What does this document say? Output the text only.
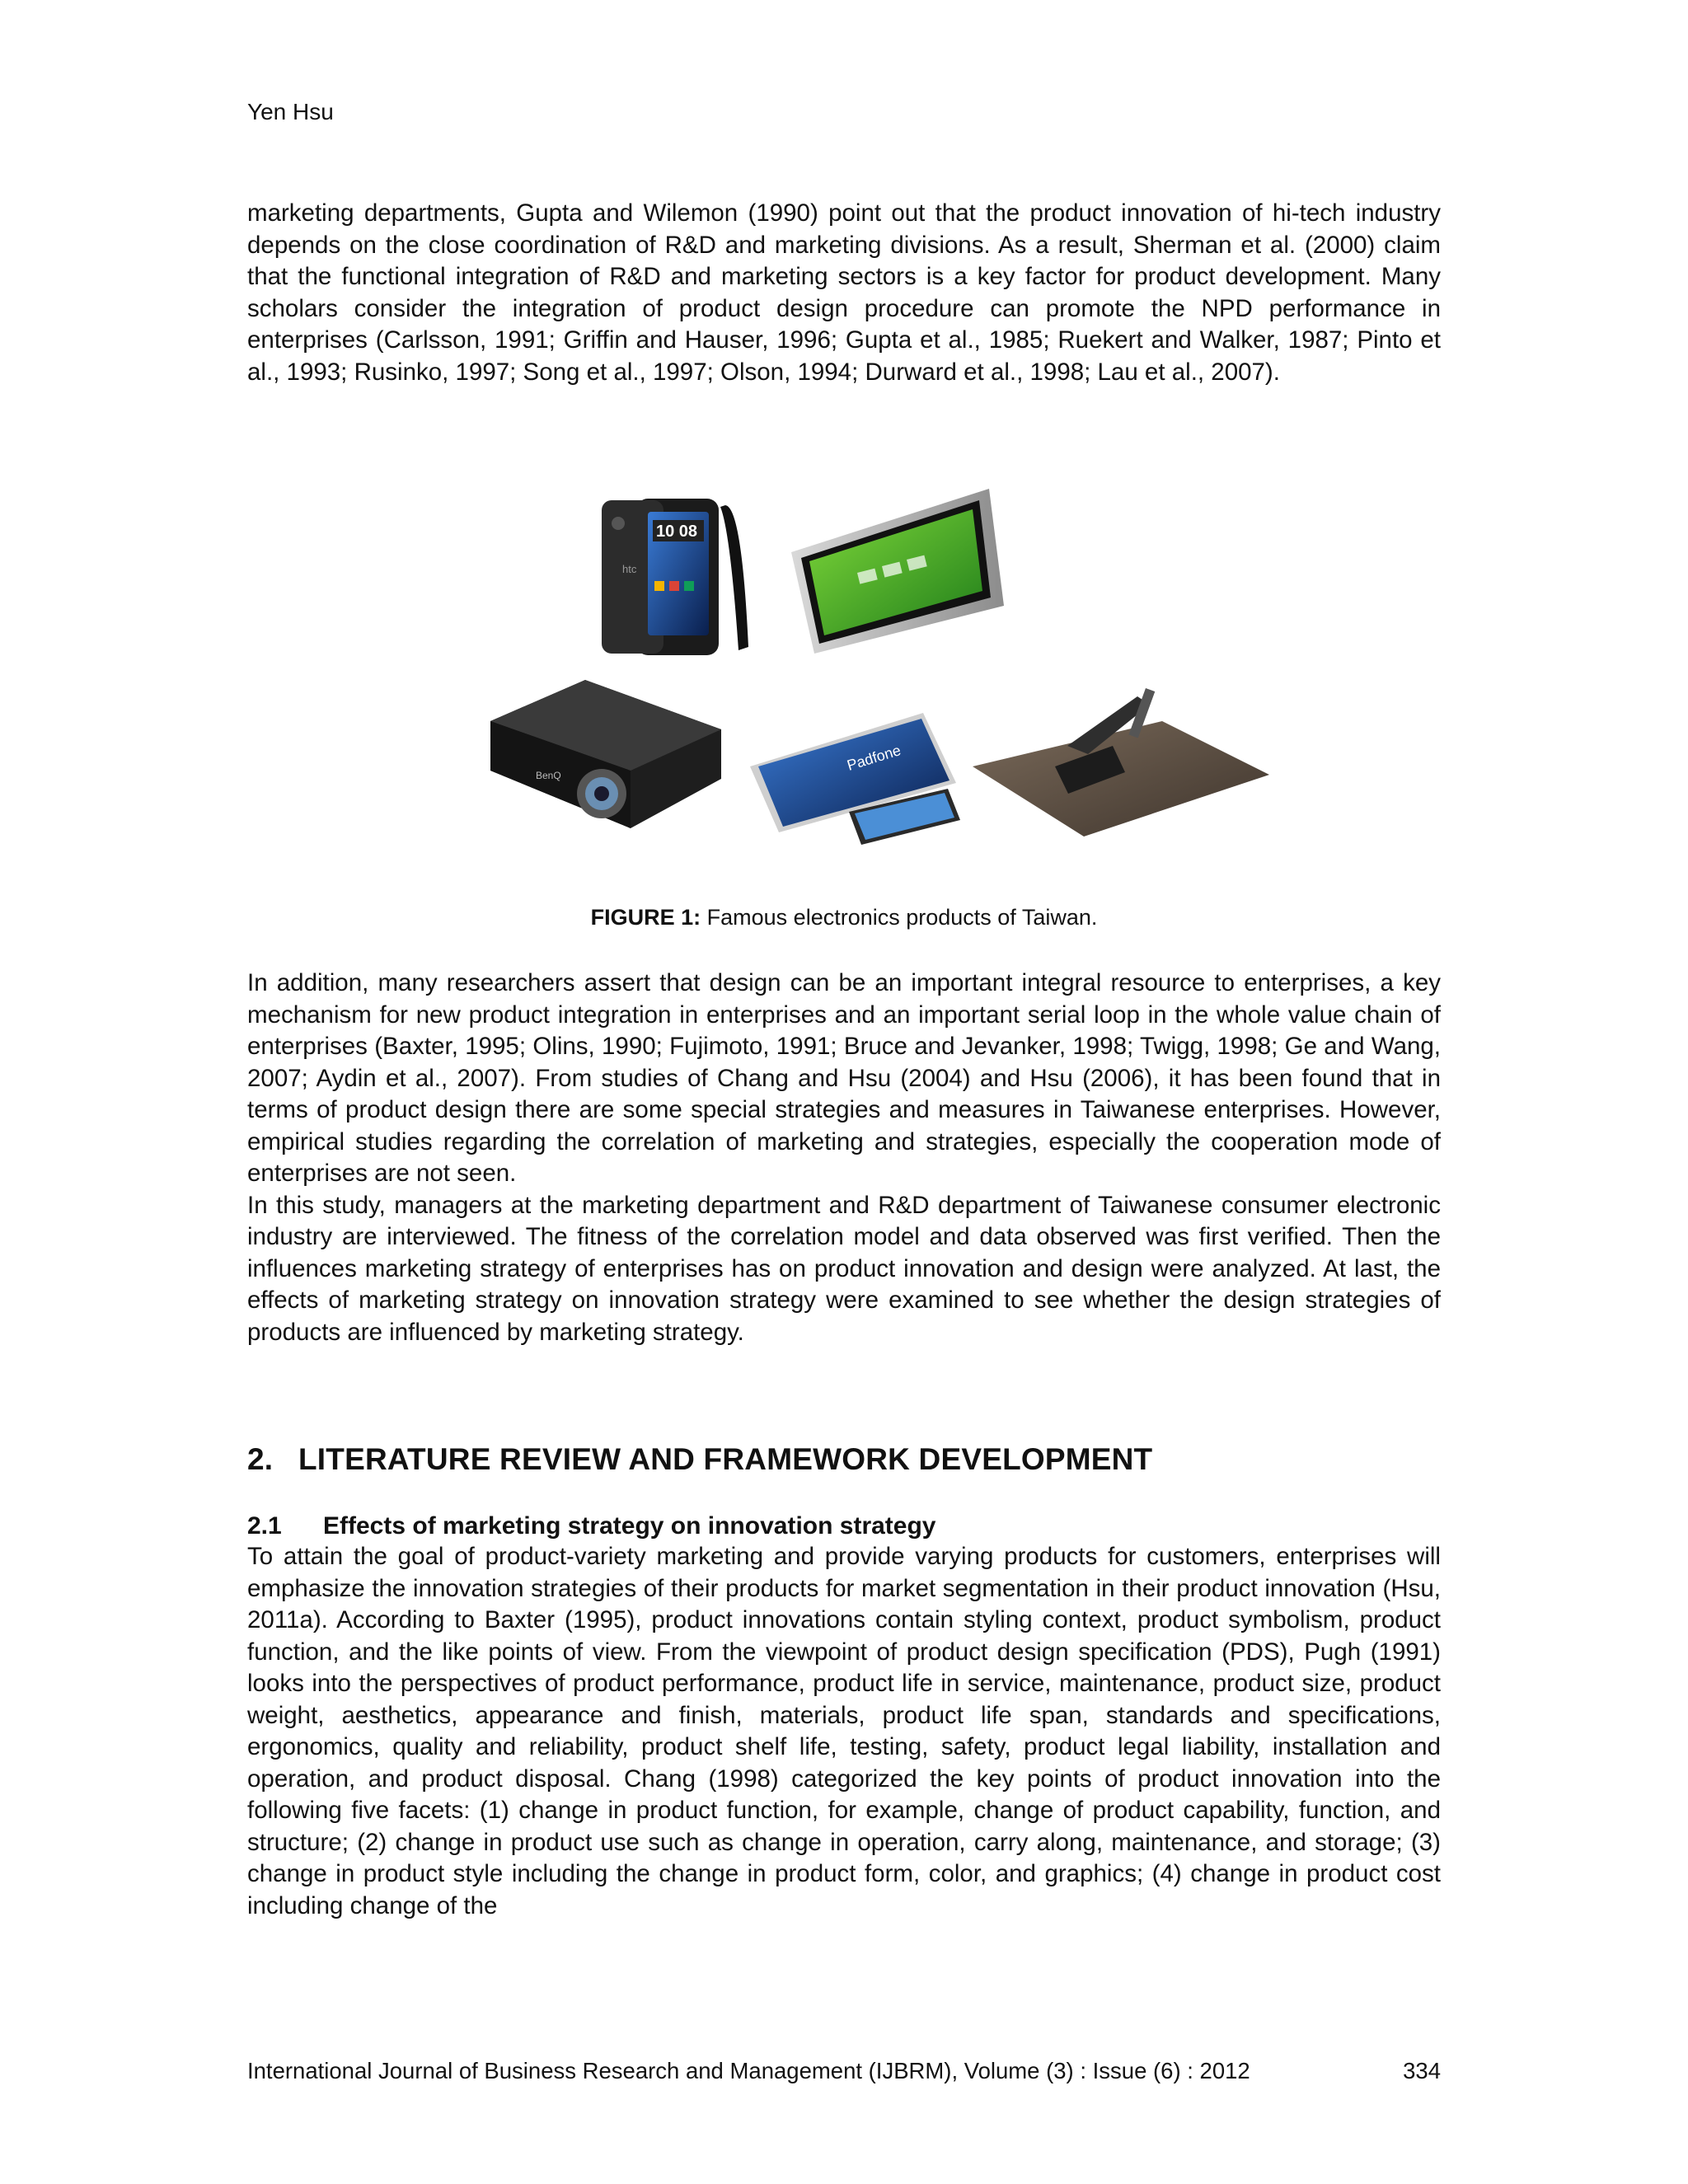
Yen Hsu

marketing departments, Gupta and Wilemon (1990) point out that the product innovation of hi-tech industry depends on the close coordination of R&D and marketing divisions. As a result, Sherman et al. (2000) claim that the functional integration of R&D and marketing sectors is a key factor for product development. Many scholars consider the integration of product design procedure can promote the NPD performance in enterprises (Carlsson, 1991; Griffin and Hauser, 1996; Gupta et al., 1985; Ruekert and Walker, 1987; Pinto et al., 1993; Rusinko, 1997; Song et al., 1997; Olson, 1994; Durward et al., 1998; Lau et al., 2007).

htc
10 08
BenQ
Padfone
FIGURE 1: Famous electronics products of Taiwan.

In addition, many researchers assert that design can be an important integral resource to enterprises, a key mechanism for new product integration in enterprises and an important serial loop in the whole value chain of enterprises (Baxter, 1995; Olins, 1990; Fujimoto, 1991; Bruce and Jevanker, 1998; Twigg, 1998; Ge and Wang, 2007; Aydin et al., 2007). From studies of Chang and Hsu (2004) and Hsu (2006), it has been found that in terms of product design there are some special strategies and measures in Taiwanese enterprises. However, empirical studies regarding the correlation of marketing and strategies, especially the cooperation mode of enterprises are not seen.

In this study, managers at the marketing department and R&D department of Taiwanese consumer electronic industry are interviewed. The fitness of the correlation model and data observed was first verified. Then the influences marketing strategy of enterprises has on product innovation and design were analyzed. At last, the effects of marketing strategy on innovation strategy were examined to see whether the design strategies of products are influenced by marketing strategy.

2. LITERATURE REVIEW AND FRAMEWORK DEVELOPMENT
2.1 Effects of marketing strategy on innovation strategy

To attain the goal of product-variety marketing and provide varying products for customers, enterprises will emphasize the innovation strategies of their products for market segmentation in their product innovation (Hsu, 2011a). According to Baxter (1995), product innovations contain styling context, product symbolism, product function, and the like points of view. From the viewpoint of product design specification (PDS), Pugh (1991) looks into the perspectives of product performance, product life in service, maintenance, product size, product weight, aesthetics, appearance and finish, materials, product life span, standards and specifications, ergonomics, quality and reliability, product shelf life, testing, safety, product legal liability, installation and operation, and product disposal. Chang (1998) categorized the key points of product innovation into the following five facets: (1) change in product function, for example, change of product capability, function, and structure; (2) change in product use such as change in operation, carry along, maintenance, and storage; (3) change in product style including the change in product form, color, and graphics; (4) change in product cost including change of the

International Journal of Business Research and Management (IJBRM), Volume (3) : Issue (6) : 2012	334
